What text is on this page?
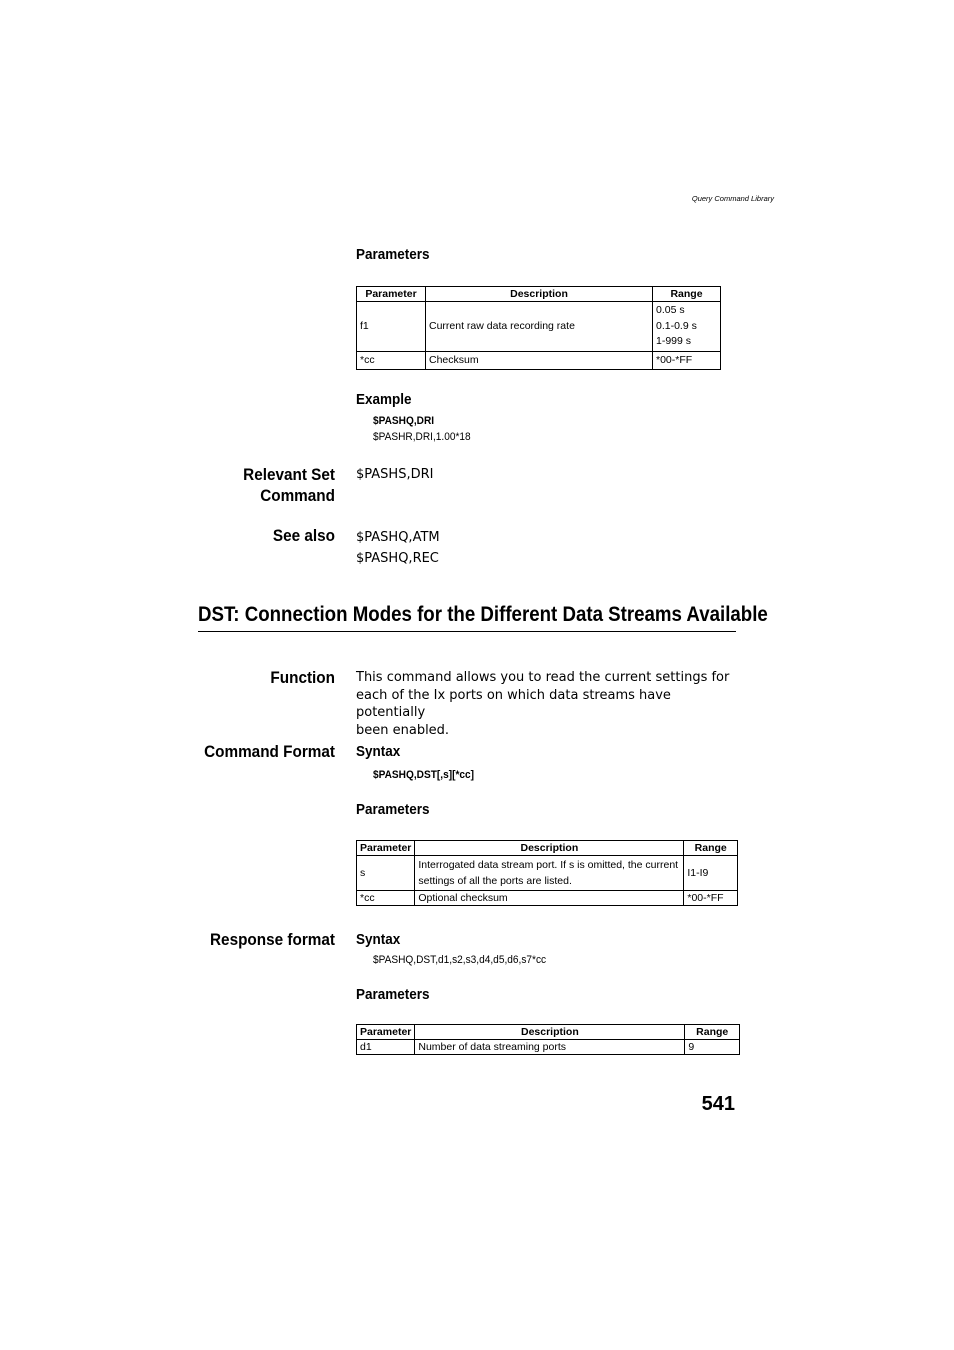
Query Command Library
Parameters
Parameter	Description	Range
f1	Current raw data recording rate	0.05 s
0.1-0.9 s
1-999 s

*cc	Checksum	*00-*FF
Example
$PASHQ,DRI
$PASHR,DRI,1.00*18
Relevant Set
Command
$PASHS,DRI
See also $PASHQ,ATM
$PASHQ,REC
DST: Connection Modes for the Different Data Streams Available
Function This command allows you to read the current settings for
each of the Ix ports on which data streams have potentially
been enabled.
Command Format Syntax
$PASHQ,DST[,s][*cc]
Parameters
Parameter	Description	Range
s	Interrogated data stream port. If s is omitted, the current
settings of all the ports are listed.	I1-I9
*cc	Optional checksum	*00-*FF
Response format Syntax
$PASHQ,DST,d1,s2,s3,d4,d5,d6,s7*cc
Parameters
Parameter	Description	Range
d1	Number of data streaming ports	9
541
